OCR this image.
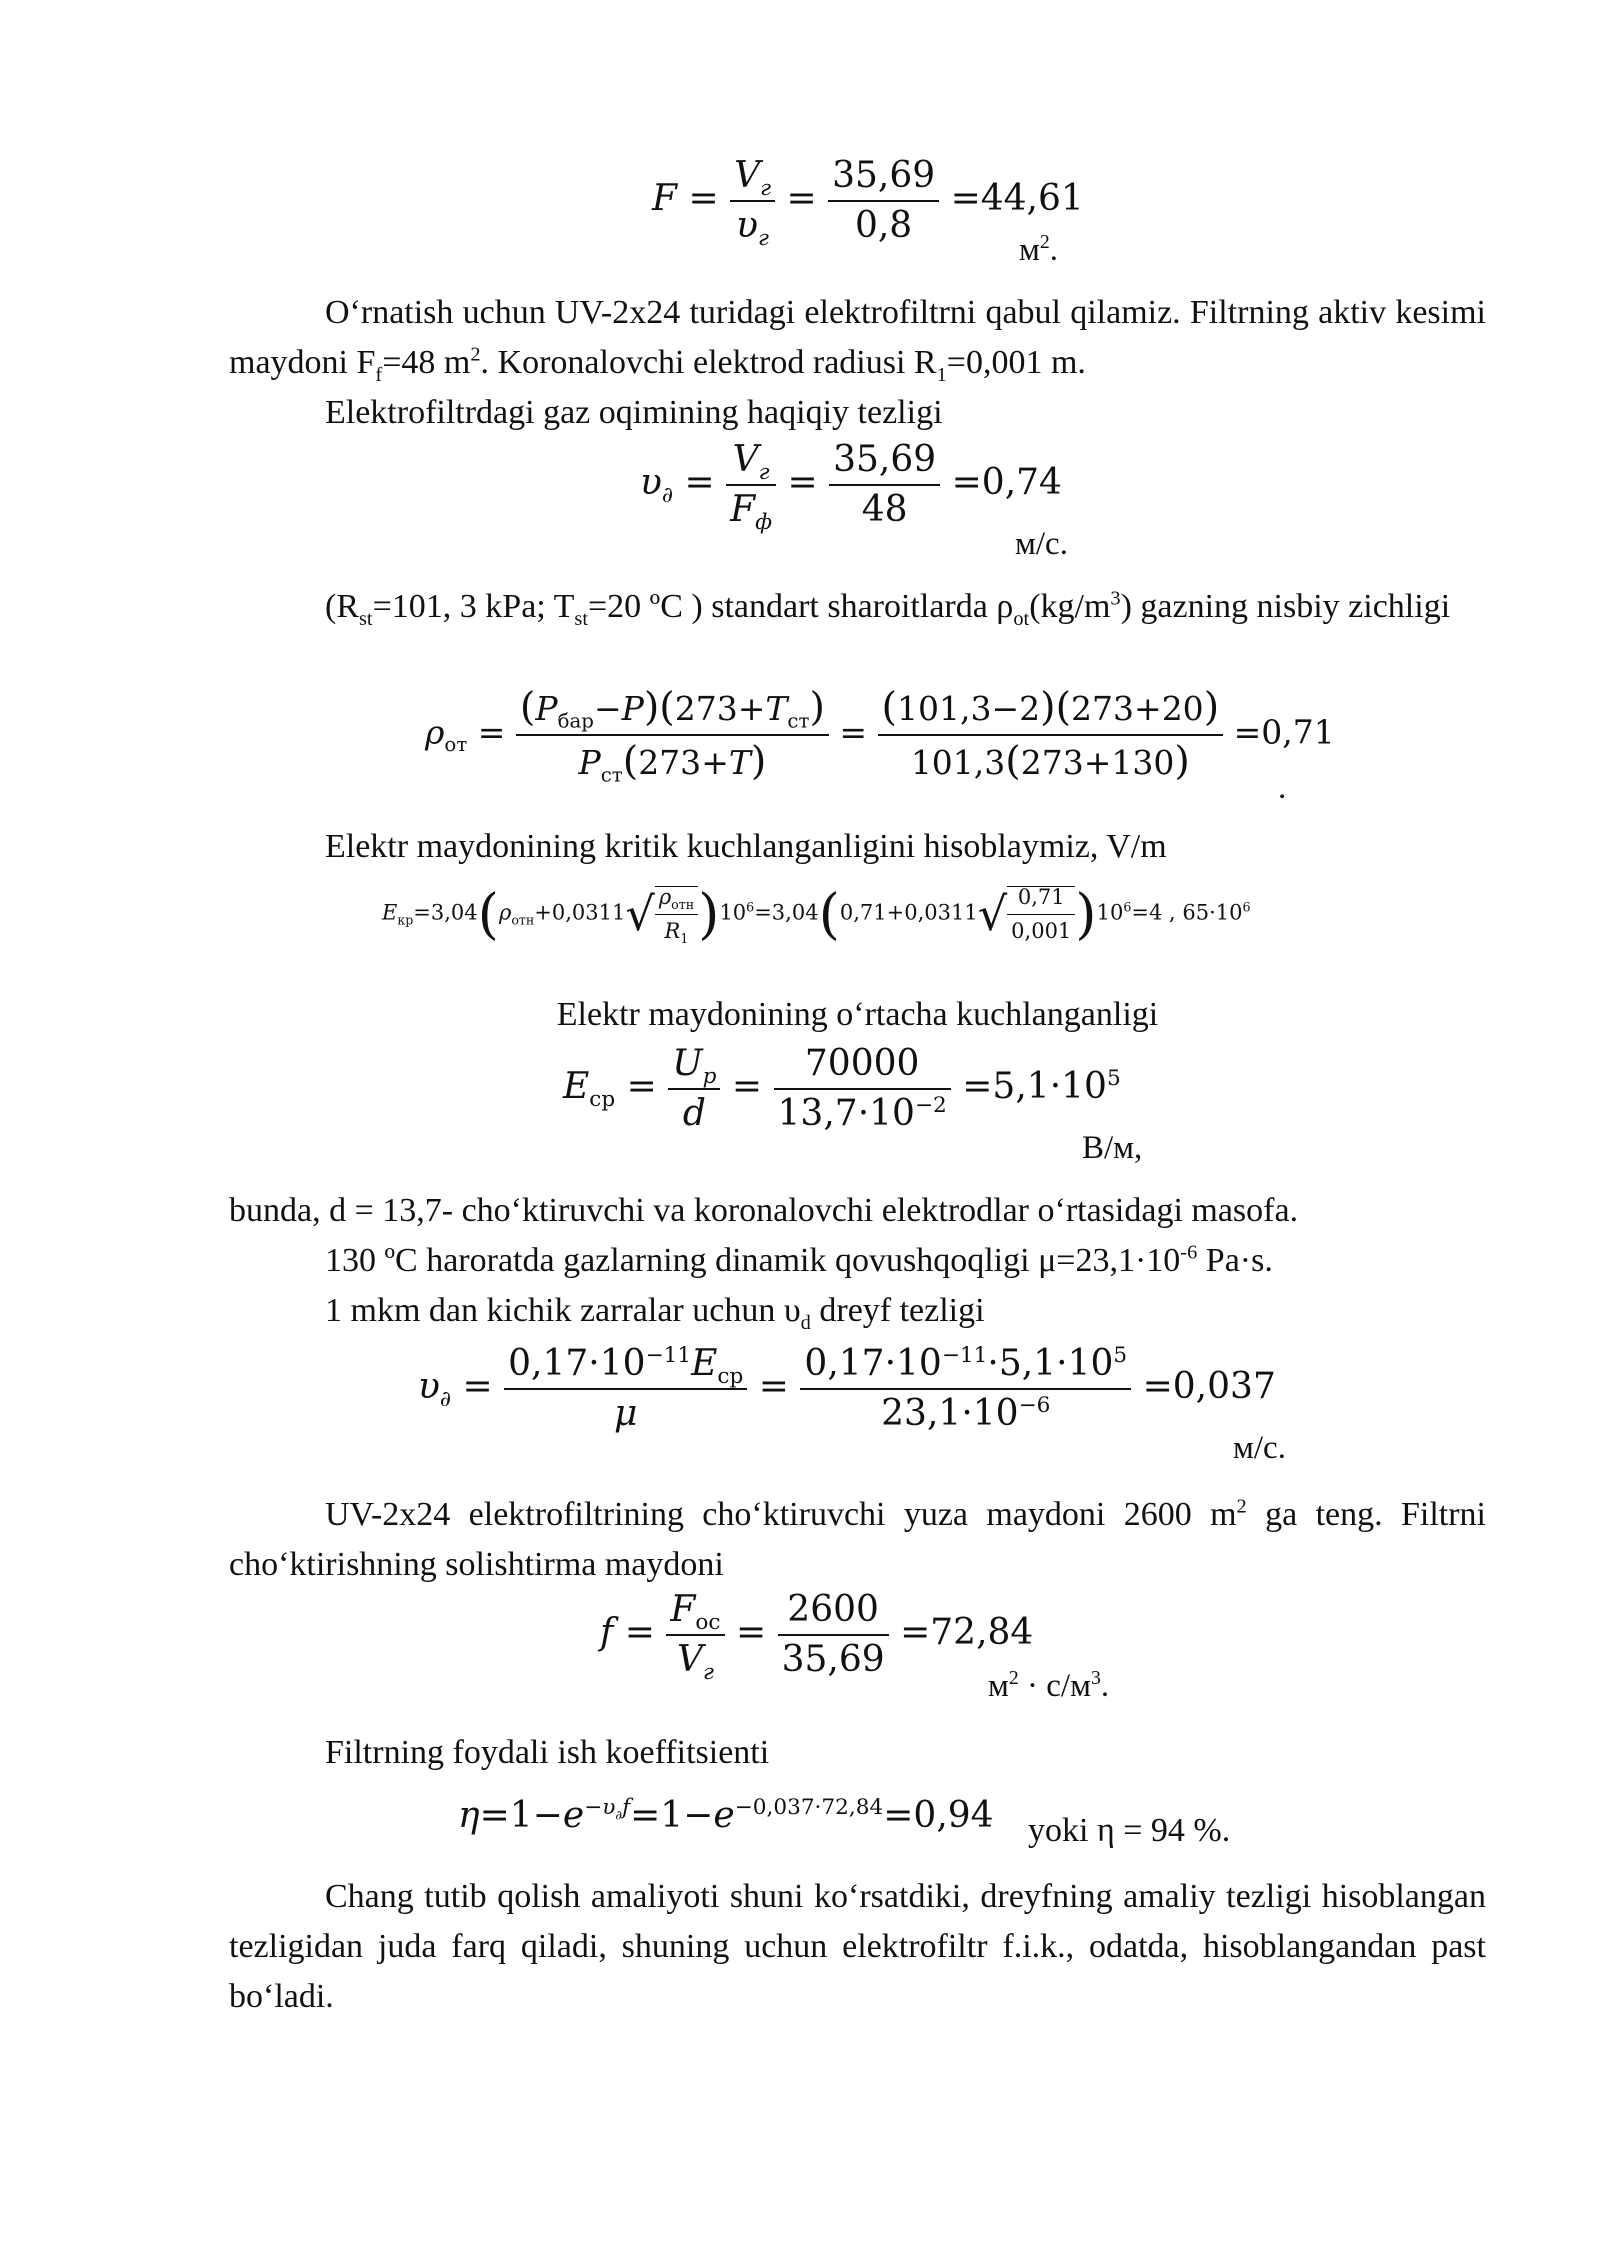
$F = \frac{V_г}{\upsilon_г} = \frac{35,69}{0,8} =44,61$
$м^2$.
O‘rnatish uchun UV-2x24 turidagi elektrofiltrni qabul qilamiz. Filtrning aktiv kesimi maydoni $F_f=48$ $m^2$. Koronalovchi elektrod radiusi $R_1=0,001$ m.
Elektrofiltrdagi gaz oqimining haqiqiy tezligi
$\upsilon_\partial = \frac{V_г}{F_ф} = \frac{35,69}{48} =0,74$
м/с.
($R_{st}=101$, 3 kPa; $T_{st}=20$ ºC ) standart sharoitlarda $\rho_{ot}(kg/m^3)$ gazning nisbiy zichligi
$\rho_{от} = \frac{(P_{бар}-P)(273+T_{ст})}{P_{ст}(273+T)} = \frac{(101,3-2)(273+20)}{101,3(273+130)} =0,71$
.
Elektr maydonining kritik kuchlanganligini hisoblaymiz, V/m
$E_{кр}=3,04(\rho_{отн}+0,0311√ \frac{\rho_{отн}}{R_1} )10^6=3,04(0,71+0,0311√ \frac{0,71}{0,001} )10^6=4$ , $65\cdot 10^6$
Elektr maydonining o‘rtacha kuchlanganligi
$E_{ср} = \frac{U_p}{d} = \frac{70000}{13,7\cdot 10^{-2}} =5,1\cdot 10^5$
В/м,
bunda, d = 13,7- cho‘ktiruvchi va koronalovchi elektrodlar o‘rtasidagi masofa.
130 ºC haroratda gazlarning dinamik qovushqoqligi $\mu=23,1\cdot 10^{-6}$ Pa·s.
1 mkm dan kichik zarralar uchun $\upsilon_d$ dreyf tezligi
$\upsilon_\partial = \frac{0,17\cdot 10^{-11}E_{ср}}{\mu} = \frac{0,17\cdot 10^{-11}\cdot 5,1\cdot 10^5}{23,1\cdot 10^{-6}} =0,037$
м/с.
UV-2x24 elektrofiltrining cho‘ktiruvchi yuza maydoni 2600 $m^2$ ga teng. Filtrni cho‘ktirishning solishtirma maydoni
$f = \frac{F_{ос}}{V_г} = \frac{2600}{35,69} =72,84$
$м^2 \cdot с/м^3$.
Filtrning foydali ish koeffitsienti
$\eta=1-e^{-\upsilon_\partial f}=1-e^{-0,037\cdot 72,84}=0,94$ yoki η = 94 %.
Chang tutib qolish amaliyoti shuni ko‘rsatdiki, dreyfning amaliy tezligi hisoblangan tezligidan juda farq qiladi, shuning uchun elektrofiltr f.i.k., odatda, hisoblangandan past bo‘ladi.
